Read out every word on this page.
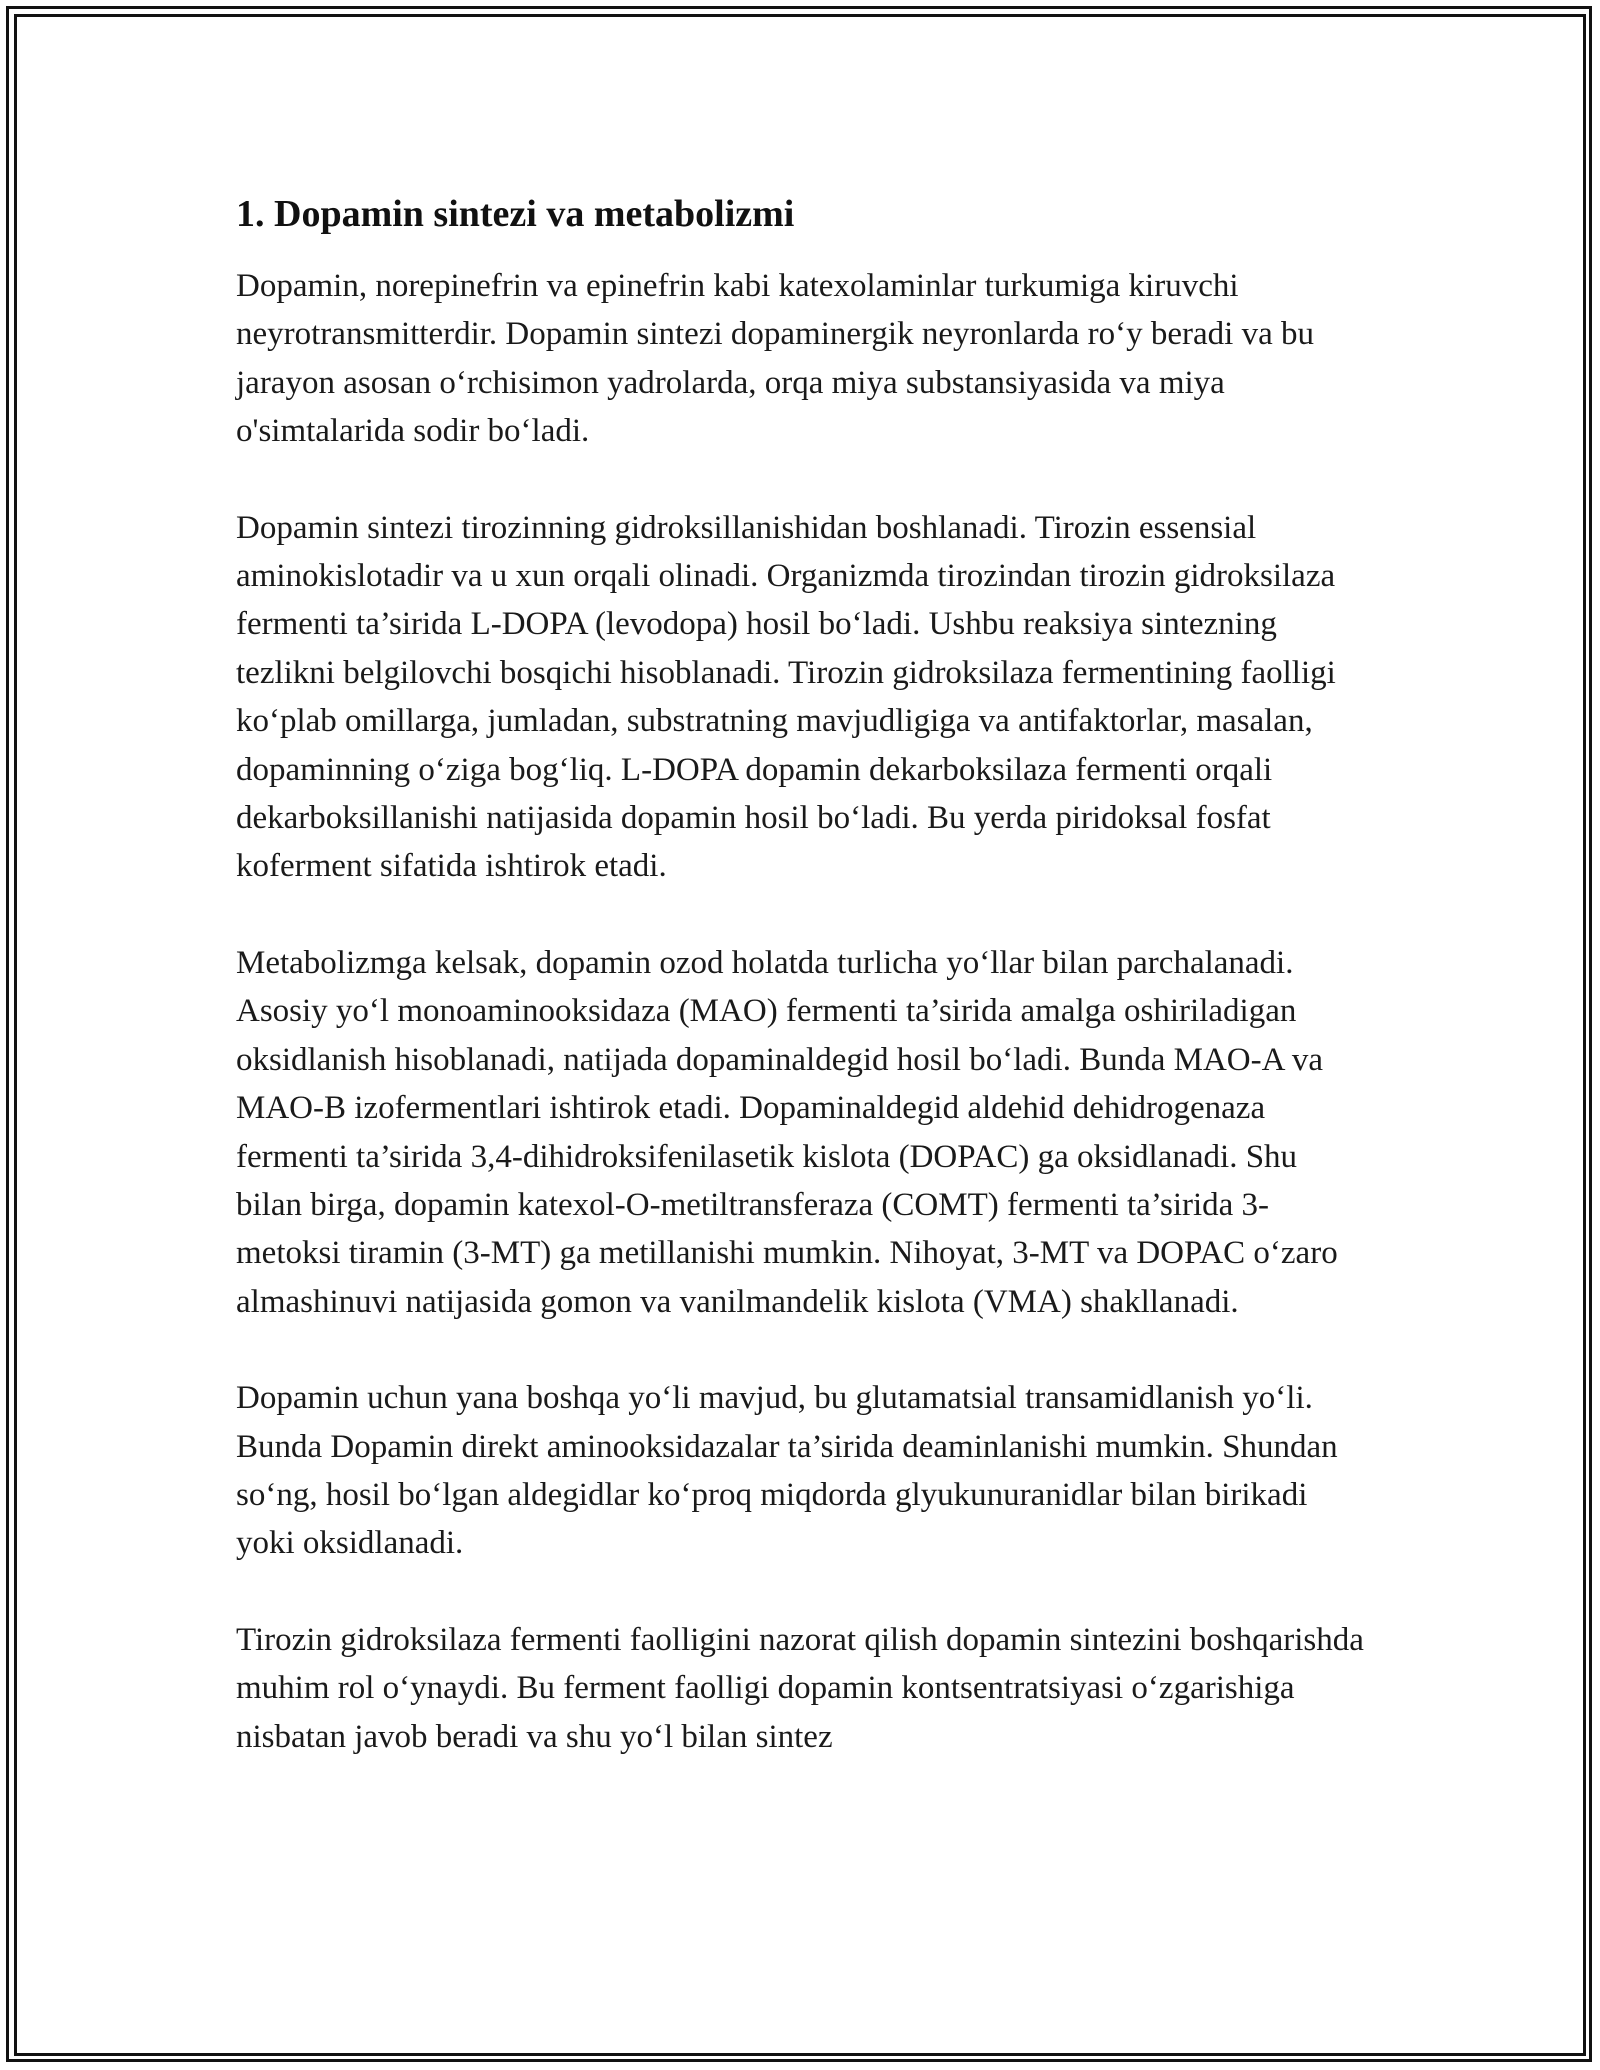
1. Dopamin sintezi va metabolizmi

Dopamin, norepinefrin va epinefrin kabi katexolaminlar turkumiga kiruvchi neyrotransmitterdir. Dopamin sintezi dopaminergik neyronlarda ro‘y beradi va bu jarayon asosan o‘rchisimon yadrolarda, orqa miya substansiyasida va miya o'simtalarida sodir bo‘ladi.

Dopamin sintezi tirozinning gidroksillanishidan boshlanadi. Tirozin essensial aminokislotadir va u xun orqali olinadi. Organizmda tirozindan tirozin gidroksilaza fermenti ta’sirida L-DOPA (levodopa) hosil bo‘ladi. Ushbu reaksiya sintezning tezlikni belgilovchi bosqichi hisoblanadi. Tirozin gidroksilaza fermentining faolligi ko‘plab omillarga, jumladan, substratning mavjudligiga va antifaktorlar, masalan, dopaminning o‘ziga bog‘liq. L-DOPA dopamin dekarboksilaza fermenti orqali dekarboksillanishi natijasida dopamin hosil bo‘ladi. Bu yerda piridoksal fosfat koferment sifatida ishtirok etadi.

Metabolizmga kelsak, dopamin ozod holatda turlicha yo‘llar bilan parchalanadi. Asosiy yo‘l monoaminooksidaza (MAO) fermenti ta’sirida amalga oshiriladigan oksidlanish hisoblanadi, natijada dopaminaldegid hosil bo‘ladi. Bunda MAO-A va MAO-B izofermentlari ishtirok etadi. Dopaminaldegid aldehid dehidrogenaza fermenti ta’sirida 3,4-dihidroksifenilasetik kislota (DOPAC) ga oksidlanadi. Shu bilan birga, dopamin katexol-O-metiltransferaza (COMT) fermenti ta’sirida 3-metoksi tiramin (3-MT) ga metillanishi mumkin. Nihoyat, 3-MT va DOPAC o‘zaro almashinuvi natijasida gomon va vanilmandelik kislota (VMA) shakllanadi.

Dopamin uchun yana boshqa yo‘li mavjud, bu glutamatsial transamidlanish yo‘li. Bunda Dopamin direkt aminooksidazalar ta’sirida deaminlanishi mumkin. Shundan so‘ng, hosil bo‘lgan aldegidlar ko‘proq miqdorda glyukunuranidlar bilan birikadi yoki oksidlanadi.

Tirozin gidroksilaza fermenti faolligini nazorat qilish dopamin sintezini boshqarishda muhim rol o‘ynaydi. Bu ferment faolligi dopamin kontsentratsiyasi o‘zgarishiga nisbatan javob beradi va shu yo‘l bilan sintez
